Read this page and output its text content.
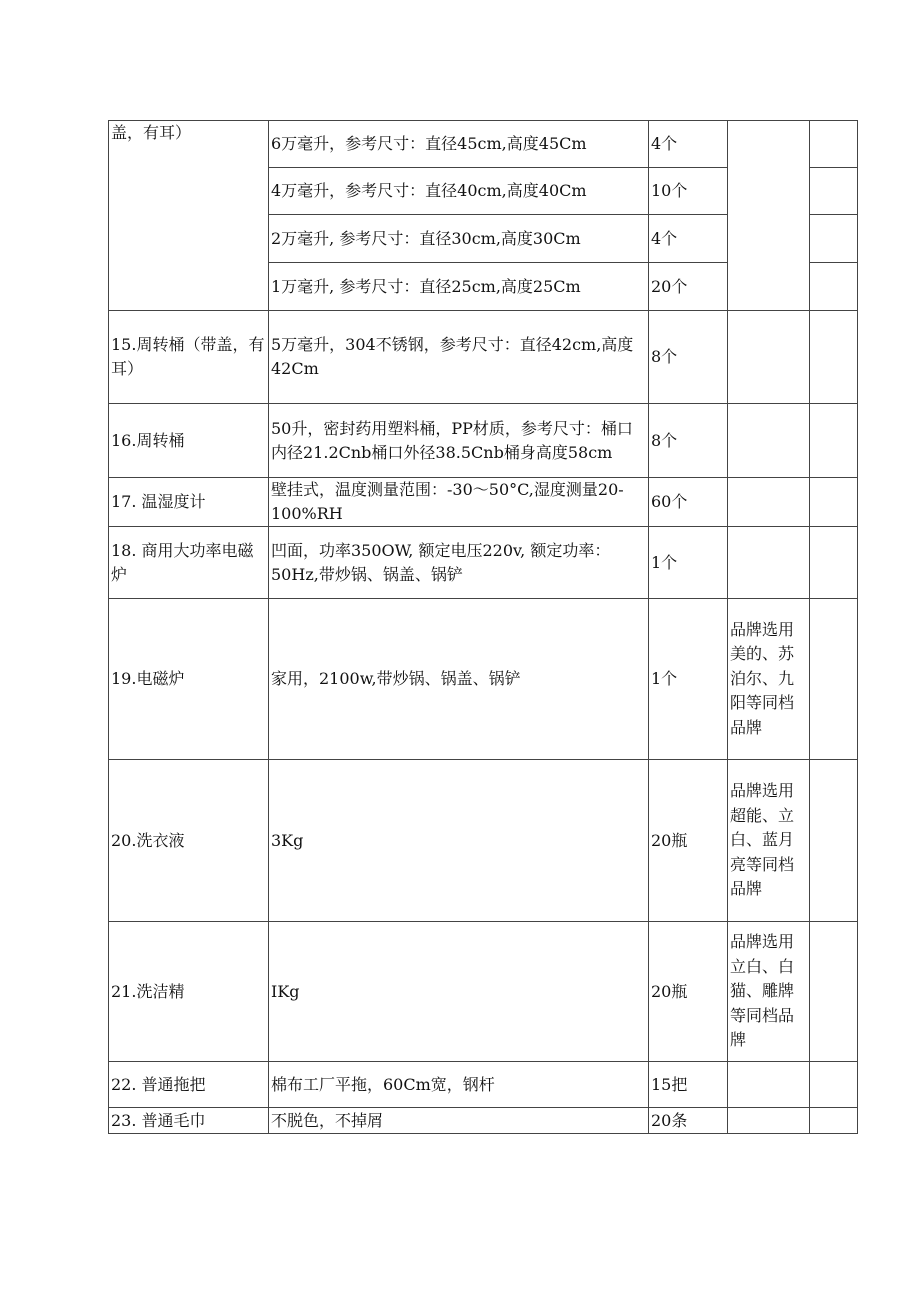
盖，有耳）	6万毫升，参考尺寸：直径45cm,高度45Cm	4个		
	4万毫升，参考尺寸：直径40cm,高度40Cm	10个		
	2万毫升, 参考尺寸：直径30cm,高度30Cm	4个		
	1万毫升, 参考尺寸：直径25cm,高度25Cm	20个		
15.周转桶（带盖，有耳）	5万毫升，304不锈钢，参考尺寸：直径42cm,高度42Cm	8个		
16.周转桶	50升，密封药用塑料桶，PP材质，参考尺寸：桶口内径21.2Cnb桶口外径38.5Cnb桶身高度58cm	8个		
17. 温湿度计	壁挂式，温度测量范围：-30～50°C,湿度测量20-100%RH	60个		
18. 商用大功率电磁炉	凹面，功率350OW, 额定电压220v, 额定功率：50Hz,带炒锅、锅盖、锅铲	1个		
19.电磁炉	家用，2100w,带炒锅、锅盖、锅铲	1个	品牌选用美的、苏泊尔、九阳等同档品牌	
20.洗衣液	3Kg	20瓶	品牌选用超能、立白、蓝月亮等同档品牌	
21.洗洁精	IKg	20瓶	品牌选用立白、白猫、雕牌等同档品牌	
22. 普通拖把	棉布工厂平拖，60Cm宽，钢杆	15把		
23. 普通毛巾	不脱色，不掉屑	20条		
